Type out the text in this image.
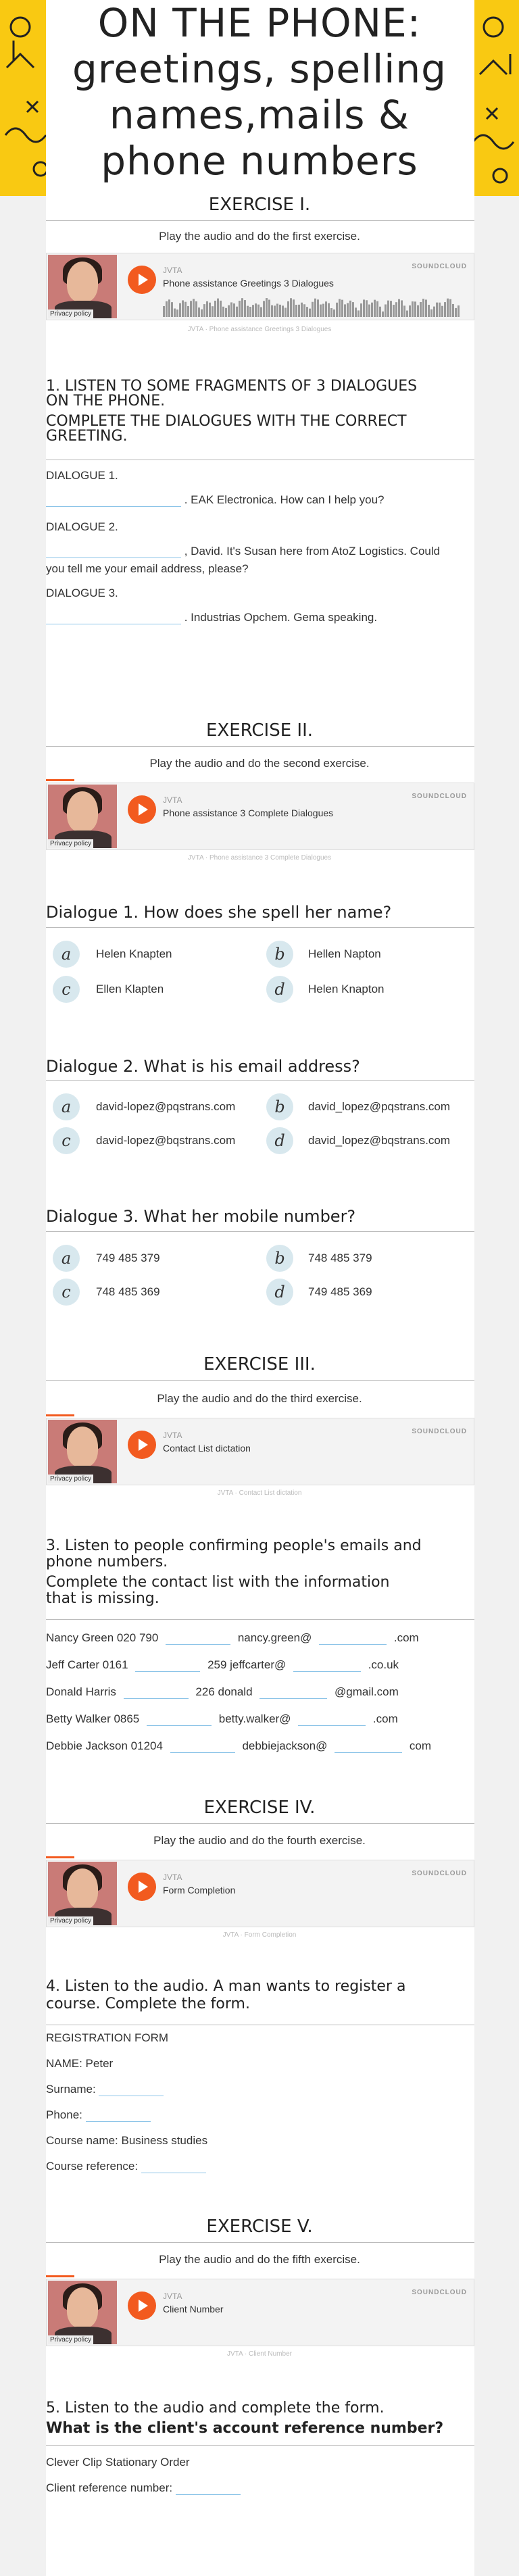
ON THE PHONE:
greetings, spelling
names,mails &
phone numbers
EXERCISE I.
Play the audio and do the first exercise.
Privacy policy
JVTA
Phone assistance Greetings 3 Dialogues
SOUNDCLOUD
JVTA · Phone assistance Greetings 3 Dialogues
1. LISTEN TO SOME FRAGMENTS OF 3 DIALOGUES
ON THE PHONE.
COMPLETE THE DIALOGUES WITH THE CORRECT
GREETING.
DIALOGUE 1.
. EAK Electronica. How can I help you?
DIALOGUE 2.
, David. It's Susan here from AtoZ Logistics. Could
you tell me your email address, please?
DIALOGUE 3.
. Industrias Opchem. Gema speaking.
EXERCISE II.
Play the audio and do the second exercise.
Privacy policy
JVTA
Phone assistance 3 Complete Dialogues
SOUNDCLOUD
JVTA · Phone assistance 3 Complete Dialogues
Dialogue 1. How does she spell her name?
a	Helen Knapten	b	Hellen Napton
c	Ellen Klapten	d	Helen Knapton
Dialogue 2. What is his email address?
a	david-lopez@pqstrans.com	b	david_lopez@pqstrans.com
c	david-lopez@bqstrans.com	d	david_lopez@bqstrans.com
Dialogue 3. What her mobile number?
a	749 485 379	b	748 485 379
c	748 485 369	d	749 485 369
EXERCISE III.
Play the audio and do the third exercise.
Privacy policy
JVTA
Contact List dictation
SOUNDCLOUD
JVTA · Contact List dictation
3. Listen to people confirming people's emails and
phone numbers.
Complete the contact list with the information
that is missing.
Nancy Green 020 790	nancy.green@	.com
Jeff Carter 0161	259 jeffcarter@	.co.uk
Donald Harris	226 donald	@gmail.com
Betty Walker 0865	betty.walker@	.com
Debbie Jackson 01204	debbiejackson@	com
EXERCISE IV.
Play the audio and do the fourth exercise.
Privacy policy
JVTA
Form Completion
SOUNDCLOUD
JVTA · Form Completion
4. Listen to the audio. A man wants to register a
course. Complete the form.
REGISTRATION FORM
NAME: Peter
Surname:
Phone:
Course name: Business studies
Course reference:
EXERCISE V.
Play the audio and do the fifth exercise.
Privacy policy
JVTA
Client Number
SOUNDCLOUD
JVTA · Client Number
5. Listen to the audio and complete the form.
What is the client's account reference number?
Clever Clip Stationary Order
Client reference number:
